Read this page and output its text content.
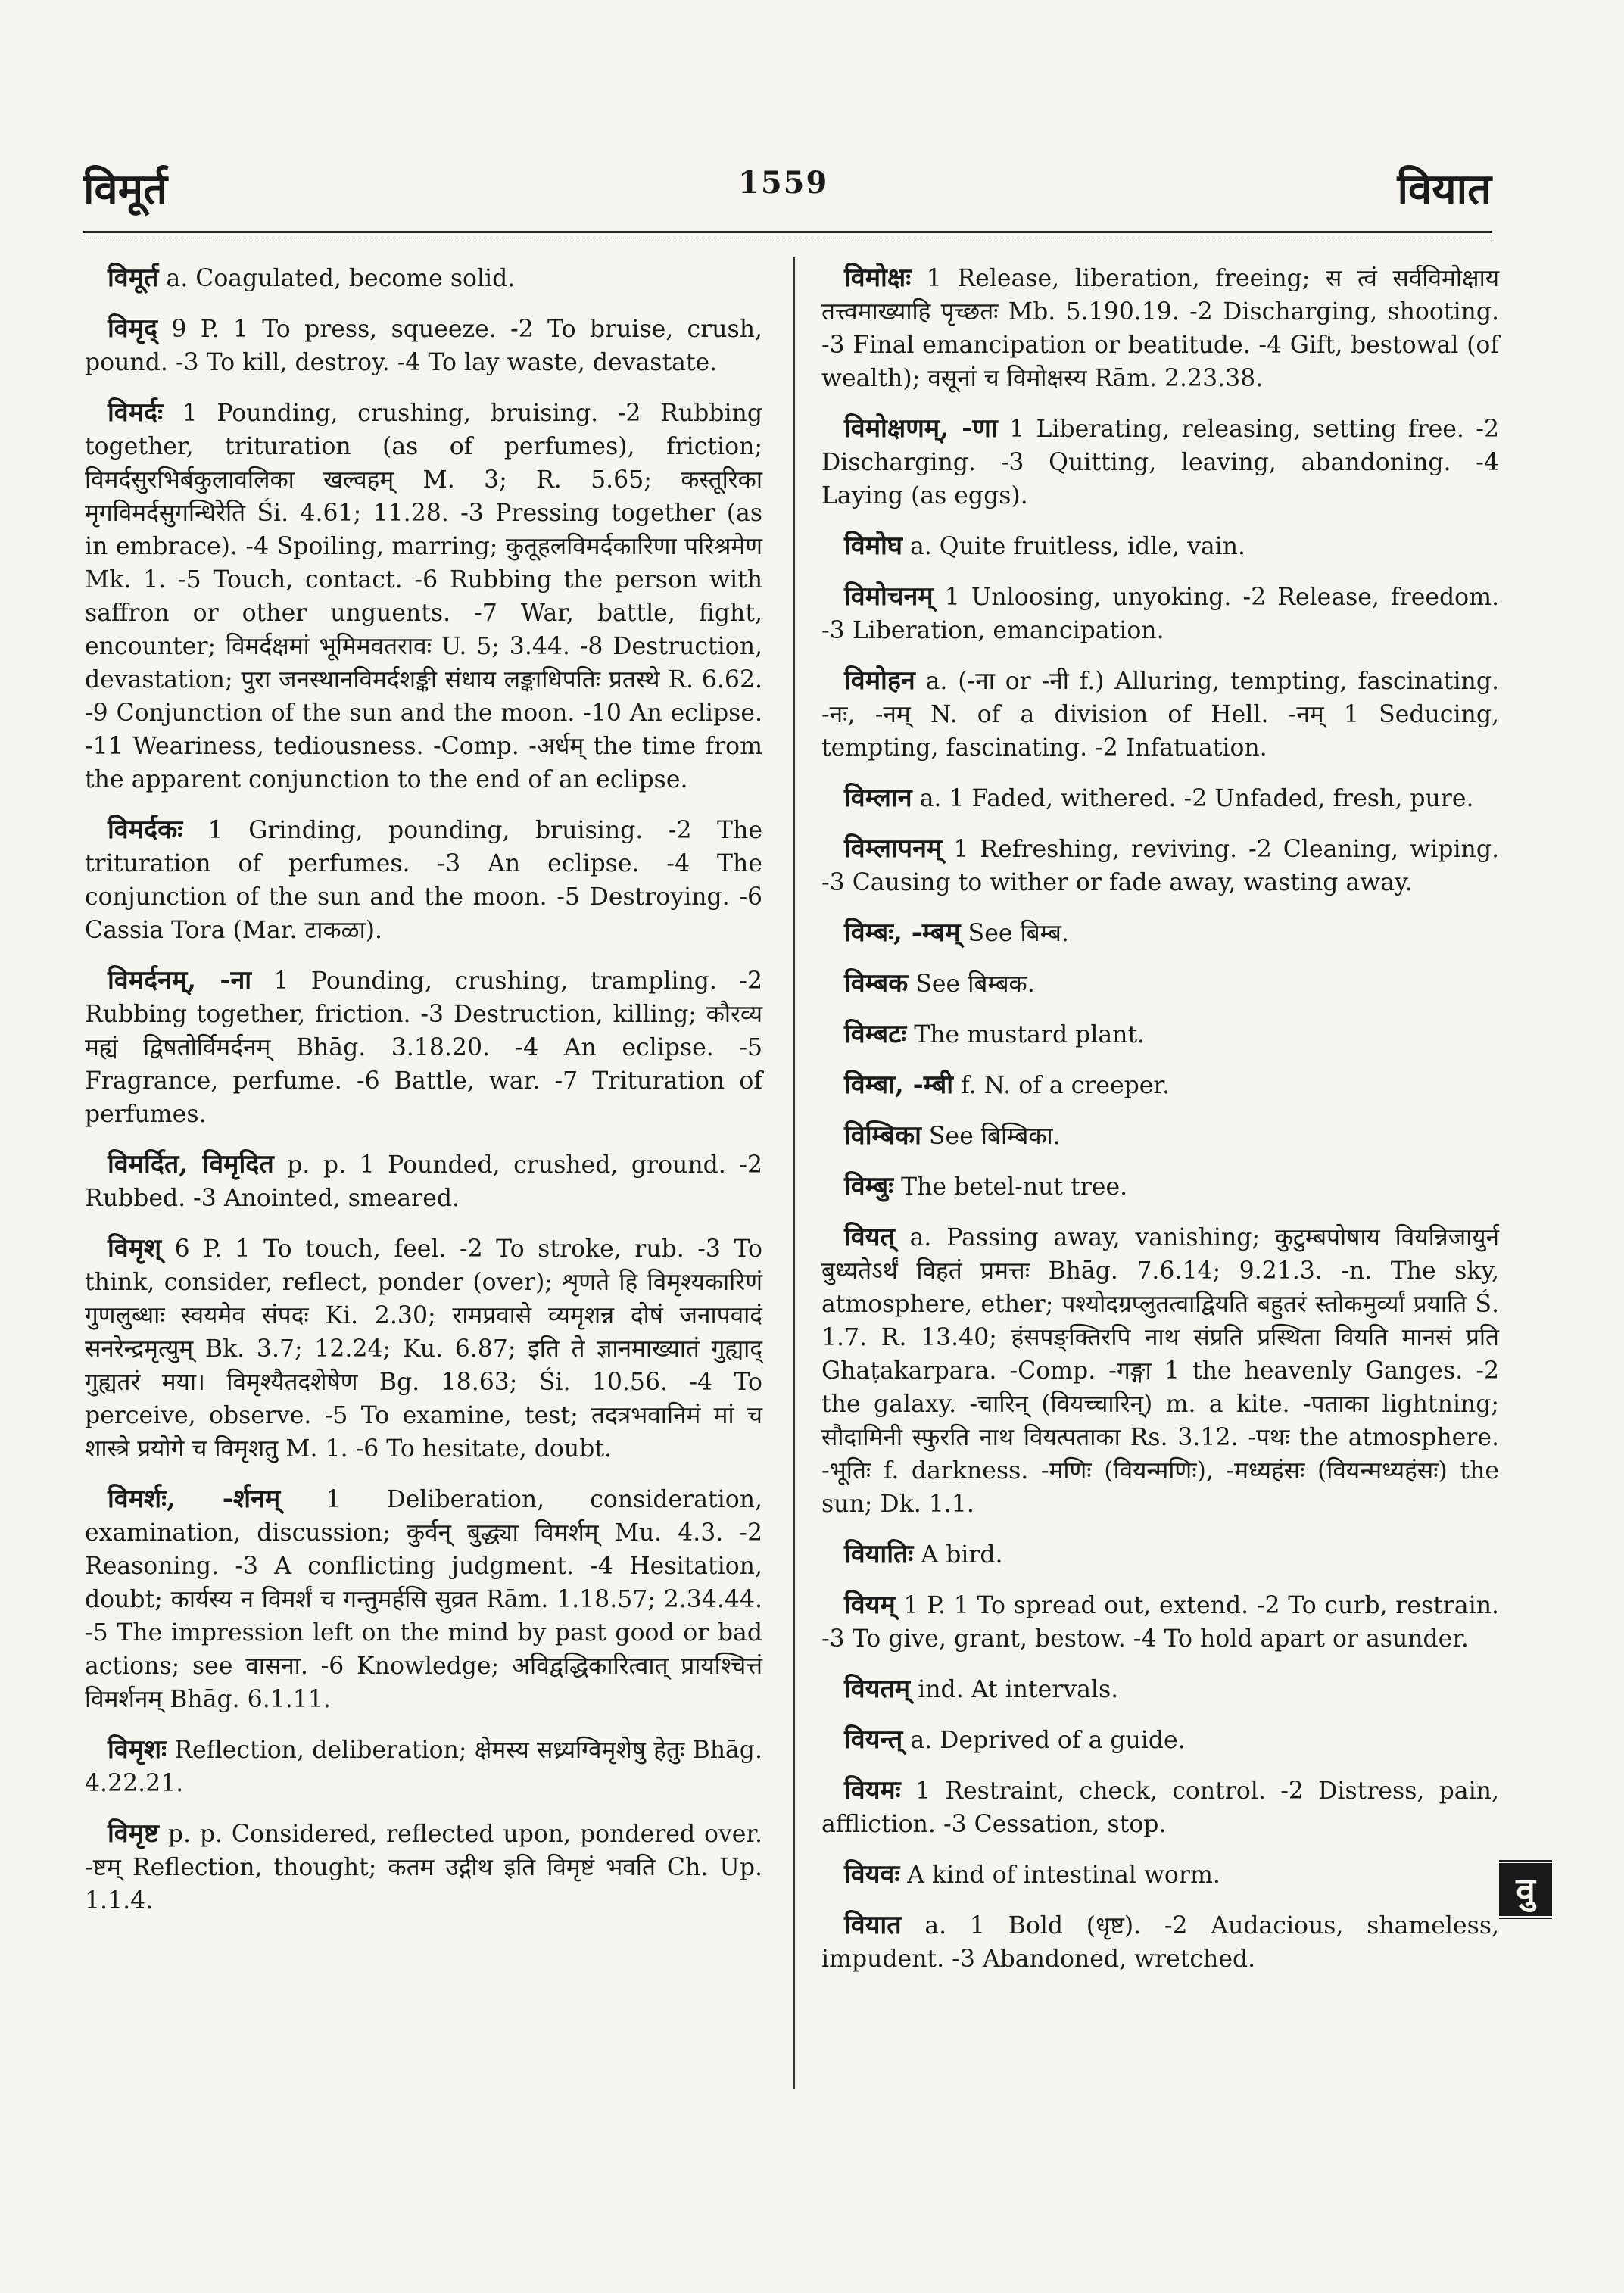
विमूर्त	1559	वियात

विमूर्त a. Coagulated, become solid.

विमृद् 9 P. 1 To press, squeeze. -2 To bruise, crush, pound. -3 To kill, destroy. -4 To lay waste, devastate.

विमर्दः 1 Pounding, crushing, bruising. -2 Rubbing together, trituration (as of perfumes), friction; विमर्दसुरभिर्बकुलावलिका खल्वहम् M. 3; R. 5.65; कस्तूरिका मृगविमर्दसुगन्धिरेति Śi. 4.61; 11.28. -3 Pressing together (as in embrace). -4 Spoiling, marring; कुतूहलविमर्दकारिणा परिश्रमेण Mk. 1. -5 Touch, contact. -6 Rubbing the person with saffron or other unguents. -7 War, battle, fight, encounter; विमर्दक्षमां भूमिमवतरावः U. 5; 3.44. -8 Destruction, devastation; पुरा जनस्थानविमर्दशङ्की संधाय लङ्काधिपतिः प्रतस्थे R. 6.62. -9 Conjunction of the sun and the moon. -10 An eclipse. -11 Weariness, tediousness. -Comp. -अर्धम् the time from the apparent conjunction to the end of an eclipse.

विमर्दकः 1 Grinding, pounding, bruising. -2 The trituration of perfumes. -3 An eclipse. -4 The conjunction of the sun and the moon. -5 Destroying. -6 Cassia Tora (Mar. टाकळा).

विमर्दनम्, -ना 1 Pounding, crushing, trampling. -2 Rubbing together, friction. -3 Destruction, killing; कौरव्य मह्यं द्विषतोर्विमर्दनम् Bhāg. 3.18.20. -4 An eclipse. -5 Fragrance, perfume. -6 Battle, war. -7 Trituration of perfumes.

विमर्दित, विमृदित p. p. 1 Pounded, crushed, ground. -2 Rubbed. -3 Anointed, smeared.

विमृश् 6 P. 1 To touch, feel. -2 To stroke, rub. -3 To think, consider, reflect, ponder (over); शृणते हि विमृश्यकारिणं गुणलुब्धाः स्वयमेव संपदः Ki. 2.30; रामप्रवासे व्यमृशन्न दोषं जनापवादं सनरेन्द्रमृत्युम् Bk. 3.7; 12.24; Ku. 6.87; इति ते ज्ञानमाख्यातं गुह्याद् गुह्यतरं मया। विमृश्यैतदशेषेण Bg. 18.63; Śi. 10.56. -4 To perceive, observe. -5 To examine, test; तदत्रभवानिमं मां च शास्त्रे प्रयोगे च विमृशतु M. 1. -6 To hesitate, doubt.

विमर्शः, -र्शनम् 1 Deliberation, consideration, examination, discussion; कुर्वन् बुद्ध्या विमर्शम् Mu. 4.3. -2 Reasoning. -3 A conflicting judgment. -4 Hesitation, doubt; कार्यस्य न विमर्शं च गन्तुमर्हसि सुव्रत Rām. 1.18.57; 2.34.44. -5 The impression left on the mind by past good or bad actions; see वासना. -6 Knowledge; अविद्वद्धिकारित्वात् प्रायश्चित्तं विमर्शनम् Bhāg. 6.1.11.

विमृशः Reflection, deliberation; क्षेमस्य सध्र्यग्विमृशेषु हेतुः Bhāg. 4.22.21.

विमृष्ट p. p. Considered, reflected upon, pondered over. -ष्टम् Reflection, thought; कतम उद्गीथ इति विमृष्टं भवति Ch. Up. 1.1.4.

विमोक्षः 1 Release, liberation, freeing; स त्वं सर्वविमोक्षाय तत्त्वमाख्याहि पृच्छतः Mb. 5.190.19. -2 Discharging, shooting. -3 Final emancipation or beatitude. -4 Gift, bestowal (of wealth); वसूनां च विमोक्षस्य Rām. 2.23.38.

विमोक्षणम्, -णा 1 Liberating, releasing, setting free. -2 Discharging. -3 Quitting, leaving, abandoning. -4 Laying (as eggs).

विमोघ a. Quite fruitless, idle, vain.

विमोचनम् 1 Unloosing, unyoking. -2 Release, freedom. -3 Liberation, emancipation.

विमोहन a. (-ना or -नी f.) Alluring, tempting, fascinating. -नः, -नम् N. of a division of Hell. -नम् 1 Seducing, tempting, fascinating. -2 Infatuation.

विम्लान a. 1 Faded, withered. -2 Unfaded, fresh, pure.

विम्लापनम् 1 Refreshing, reviving. -2 Cleaning, wiping. -3 Causing to wither or fade away, wasting away.

विम्बः, -म्बम् See बिम्ब.

विम्बक See बिम्बक.

विम्बटः The mustard plant.

विम्बा, -म्बी f. N. of a creeper.

विम्बिका See बिम्बिका.

विम्बुः The betel-nut tree.

वियत् a. Passing away, vanishing; कुटुम्बपोषाय वियन्निजायुर्न बुध्यतेऽर्थं विहतं प्रमत्तः Bhāg. 7.6.14; 9.21.3. -n. The sky, atmosphere, ether; पश्योदग्रप्लुतत्वाद्वियति बहुतरं स्तोकमुर्व्यां प्रयाति Ś. 1.7. R. 13.40; हंसपङ्क्तिरपि नाथ संप्रति प्रस्थिता वियति मानसं प्रति Ghaṭakarpara. -Comp. -गङ्गा 1 the heavenly Ganges. -2 the galaxy. -चारिन् (वियच्चारिन्) m. a kite. -पताका lightning; सौदामिनी स्फुरति नाथ वियत्पताका Rs. 3.12. -पथः the atmosphere. -भूतिः f. darkness. -मणिः (वियन्मणिः), -मध्यहंसः (वियन्मध्यहंसः) the sun; Dk. 1.1.

वियातिः A bird.

वियम् 1 P. 1 To spread out, extend. -2 To curb, restrain. -3 To give, grant, bestow. -4 To hold apart or asunder.

वियतम् ind. At intervals.

वियन्त् a. Deprived of a guide.

वियमः 1 Restraint, check, control. -2 Distress, pain, affliction. -3 Cessation, stop.

वियवः A kind of intestinal worm.

वियात a. 1 Bold (धृष्ट). -2 Audacious, shameless, impudent. -3 Abandoned, wretched.

वु
